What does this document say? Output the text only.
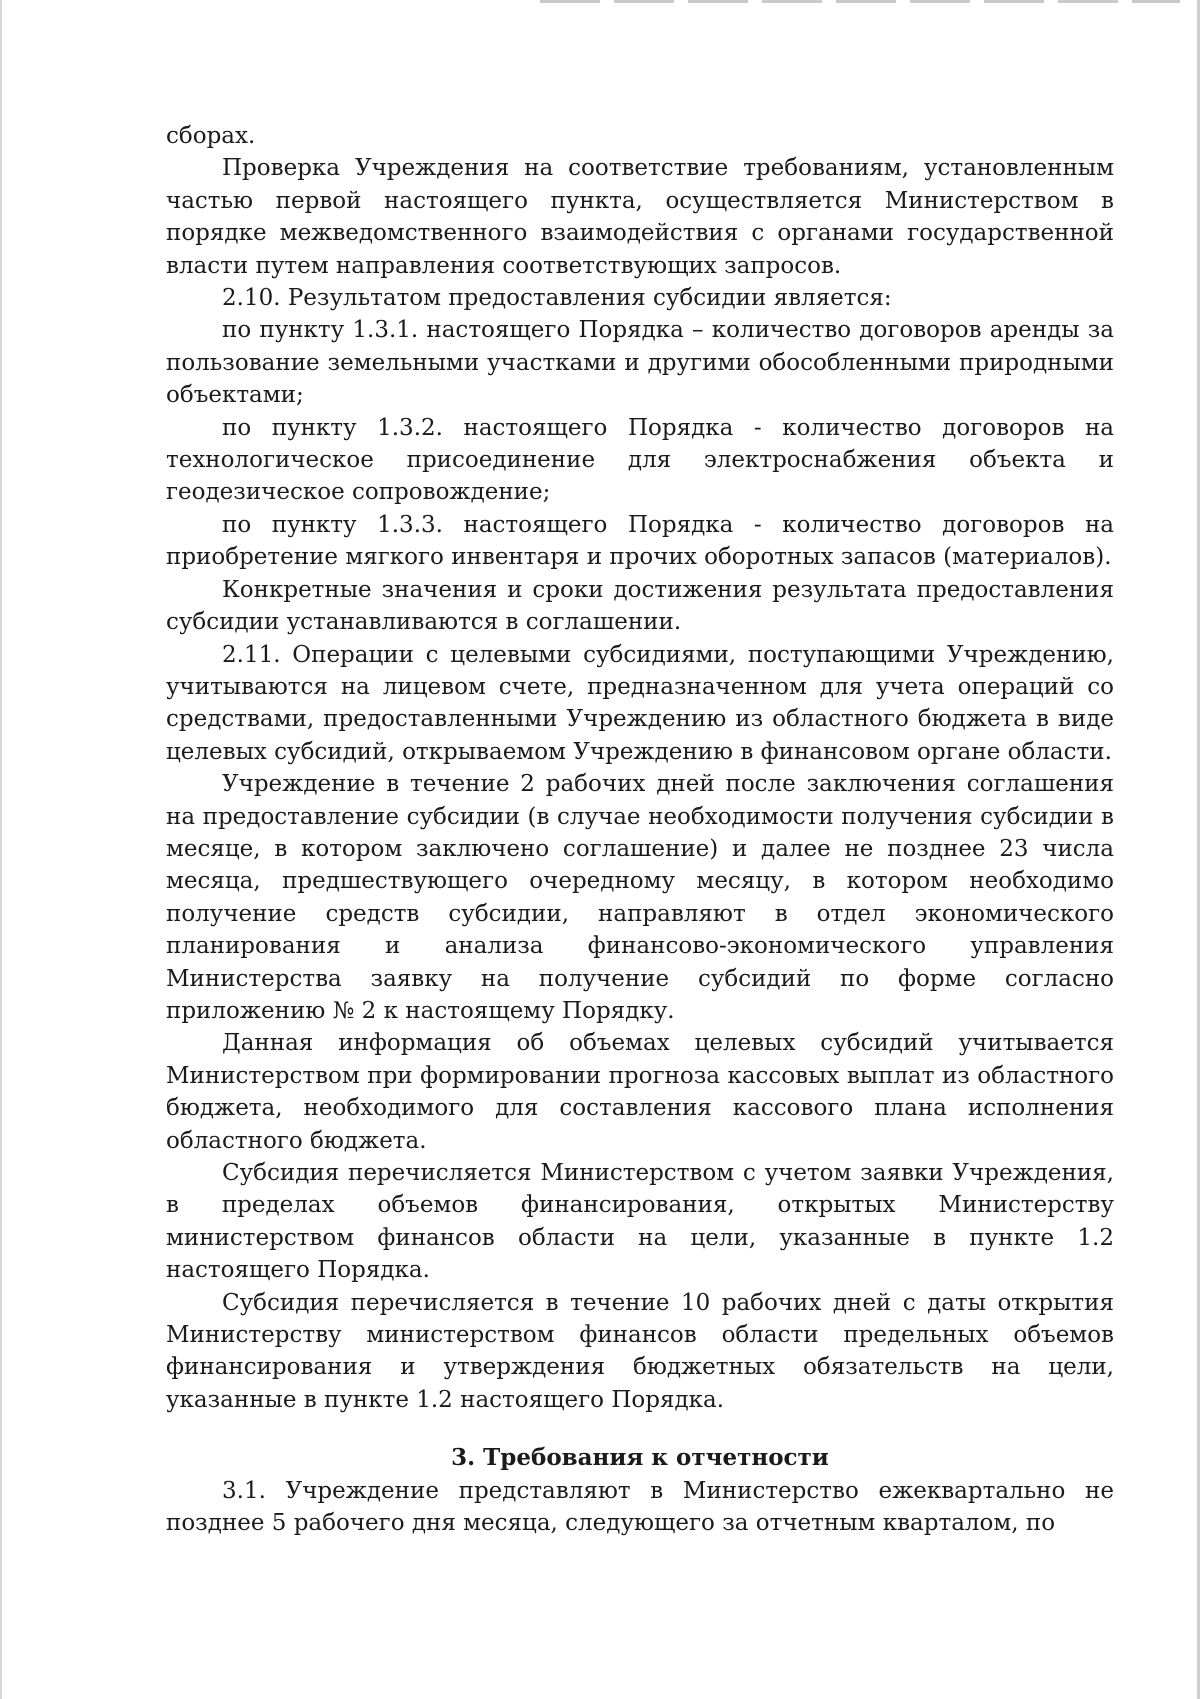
сборах.

Проверка Учреждения на соответствие требованиям, установленным частью первой настоящего пункта, осуществляется Министерством в порядке межведомственного взаимодействия с органами государственной власти путем направления соответствующих запросов.

2.10. Результатом предоставления субсидии является:

по пункту 1.3.1. настоящего Порядка – количество договоров аренды за пользование земельными участками и другими обособленными природными объектами;

по пункту 1.3.2. настоящего Порядка - количество договоров на технологическое присоединение для электроснабжения объекта и геодезическое сопровождение;

по пункту 1.3.3. настоящего Порядка - количество договоров на приобретение мягкого инвентаря и прочих оборотных запасов (материалов).

Конкретные значения и сроки достижения результата предоставления субсидии устанавливаются в соглашении.

2.11. Операции с целевыми субсидиями, поступающими Учреждению, учитываются на лицевом счете, предназначенном для учета операций со средствами, предоставленными Учреждению из областного бюджета в виде целевых субсидий, открываемом Учреждению в финансовом органе области.

Учреждение в течение 2 рабочих дней после заключения соглашения на предоставление субсидии (в случае необходимости получения субсидии в месяце, в котором заключено соглашение) и далее не позднее 23 числа месяца, предшествующего очередному месяцу, в котором необходимо получение средств субсидии, направляют в отдел экономического планирования и анализа финансово-экономического управления Министерства заявку на получение субсидий по форме согласно приложению № 2 к настоящему Порядку.

Данная информация об объемах целевых субсидий учитывается Министерством при формировании прогноза кассовых выплат из областного бюджета, необходимого для составления кассового плана исполнения областного бюджета.

Субсидия перечисляется Министерством с учетом заявки Учреждения, в пределах объемов финансирования, открытых Министерству министерством финансов области на цели, указанные в пункте 1.2 настоящего Порядка.

Субсидия перечисляется в течение 10 рабочих дней с даты открытия Министерству министерством финансов области предельных объемов финансирования и утверждения бюджетных обязательств на цели, указанные в пункте 1.2 настоящего Порядка.

3. Требования к отчетности

3.1. Учреждение представляют в Министерство ежеквартально не позднее 5 рабочего дня месяца, следующего за отчетным кварталом, по
